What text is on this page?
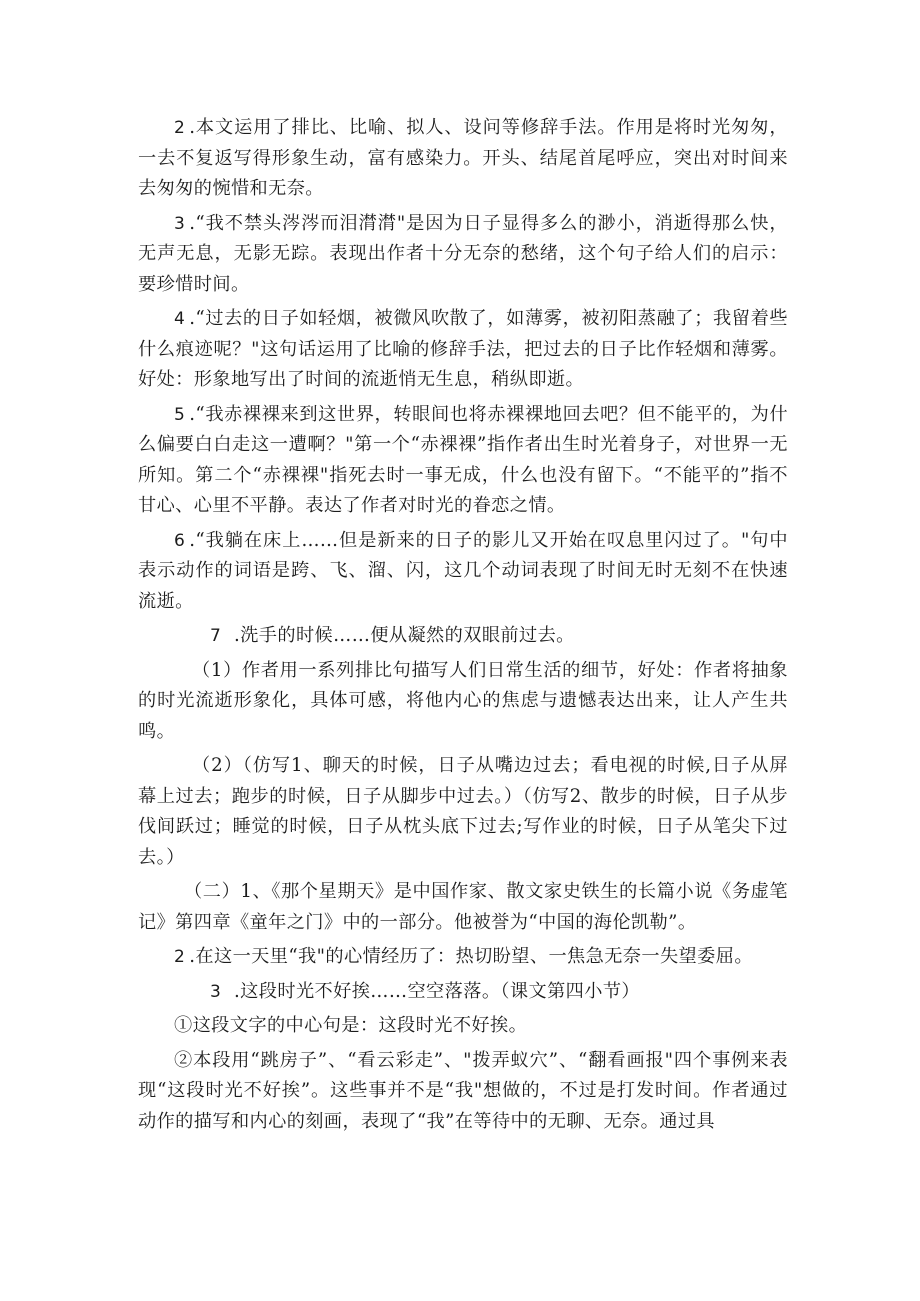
2 .本文运用了排比、比喻、拟人、设问等修辞手法。作用是将时光匆匆，一去不复返写得形象生动，富有感染力。开头、结尾首尾呼应，突出对时间来去匆匆的惋惜和无奈。

3 .“我不禁头涔涔而泪潸潸"是因为日子显得多么的渺小，消逝得那么快，无声无息，无影无踪。表现出作者十分无奈的愁绪，这个句子给人们的启示：要珍惜时间。

4 .“过去的日子如轻烟，被微风吹散了，如薄雾，被初阳蒸融了；我留着些什么痕迹呢？"这句话运用了比喻的修辞手法，把过去的日子比作轻烟和薄雾。好处：形象地写出了时间的流逝悄无生息，稍纵即逝。

5 .“我赤裸裸来到这世界，转眼间也将赤裸裸地回去吧？但不能平的，为什么偏要白白走这一遭啊？"第一个“赤裸裸”指作者出生时光着身子，对世界一无所知。第二个“赤裸裸"指死去时一事无成，什么也没有留下。“不能平的”指不甘心、心里不平静。表达了作者对时光的眷恋之情。

6 .“我躺在床上……但是新来的日子的影儿又开始在叹息里闪过了。"句中表示动作的词语是跨、飞、溜、闪，这几个动词表现了时间无时无刻不在快速流逝。

7 .洗手的时候……便从凝然的双眼前过去。

（1）作者用一系列排比句描写人们日常生活的细节，好处：作者将抽象的时光流逝形象化，具体可感，将他内心的焦虑与遗憾表达出来，让人产生共鸣。

（2）（仿写1、聊天的时候，日子从嘴边过去；看电视的时候,日子从屏幕上过去；跑步的时候，日子从脚步中过去。）（仿写2、散步的时候，日子从步伐间跃过；睡觉的时候，日子从枕头底下过去;写作业的时候，日子从笔尖下过去。）

（二）1、《那个星期天》是中国作家、散文家史铁生的长篇小说《务虚笔记》第四章《童年之门》中的一部分。他被誉为“中国的海伦凯勒”。

2 .在这一天里“我"的心情经历了：热切盼望、一焦急无奈一失望委屈。

3 .这段时光不好挨……空空落落。（课文第四小节）

①这段文字的中心句是：这段时光不好挨。

②本段用“跳房子”、“看云彩走”、"拨弄蚁穴”、“翻看画报"四个事例来表现“这段时光不好挨”。这些事并不是“我"想做的，不过是打发时间。作者通过动作的描写和内心的刻画，表现了“我”在等待中的无聊、无奈。通过具
